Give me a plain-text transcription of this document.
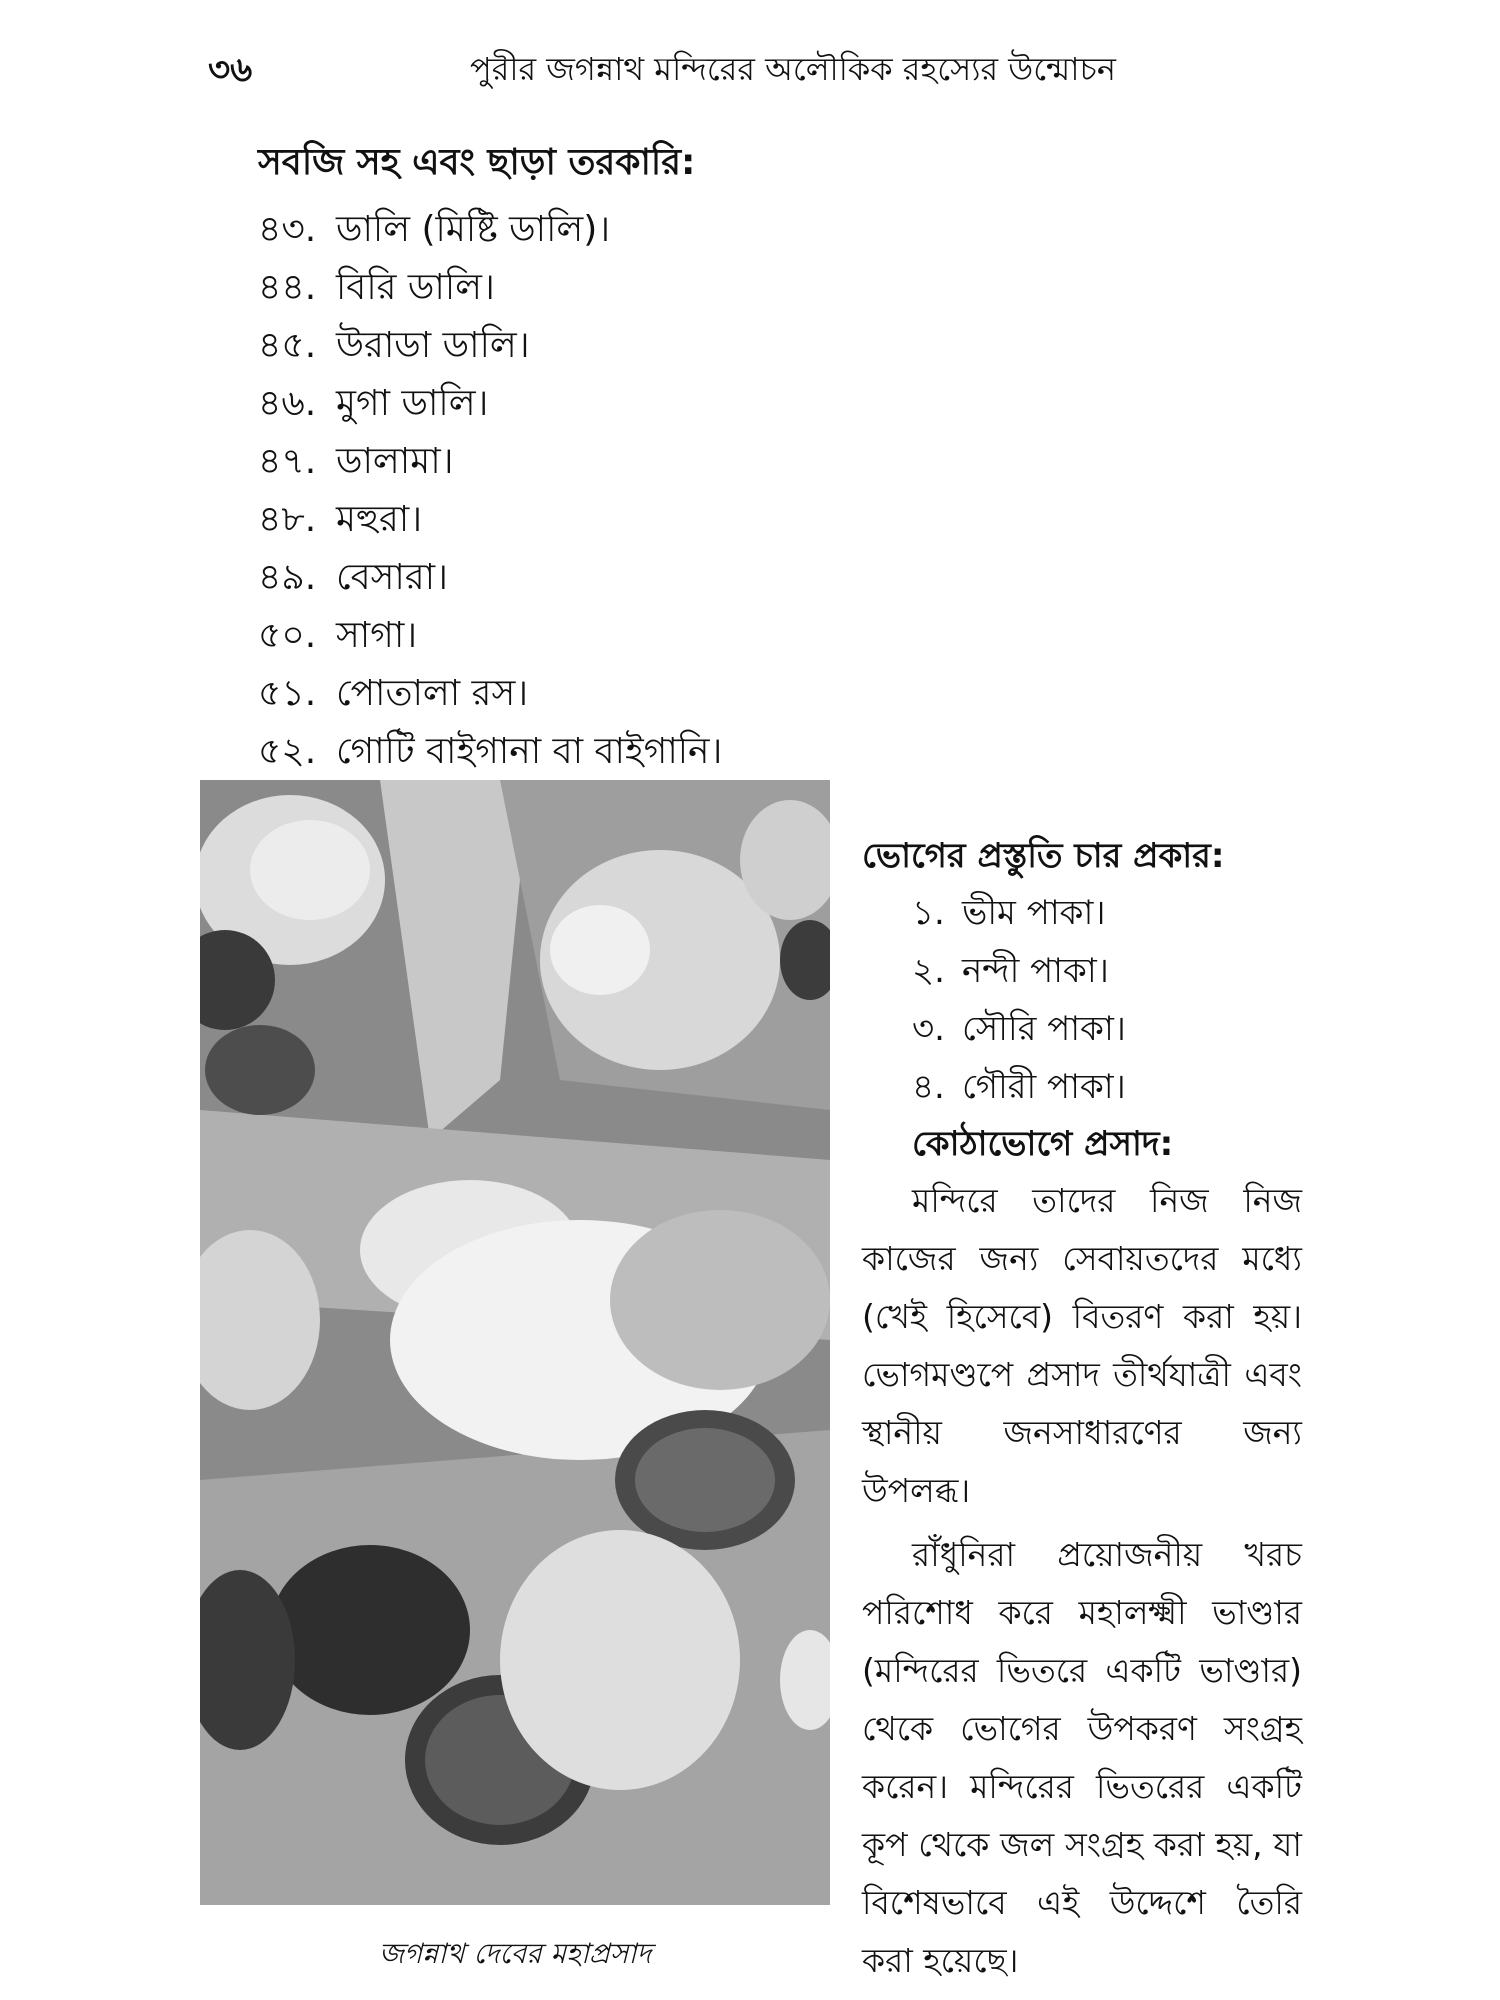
৩৬	পুরীর জগন্নাথ মন্দিরের অলৌকিক রহস্যের উন্মোচন
সবজি সহ এবং ছাড়া তরকারি:
৪৩. ডালি (মিষ্টি ডালি)।
৪৪. বিরি ডালি।
৪৫. উরাডা ডালি।
৪৬. মুগা ডালি।
৪৭. ডালামা।
৪৮. মহুরা।
৪৯. বেসারা।
৫০. সাগা।
৫১. পোতালা রস।
৫২. গোটি বাইগানা বা বাইগানি।
জগন্নাথ দেবের মহাপ্রসাদ
ভোগের প্রস্তুতি চার প্রকার:
১. ভীম পাকা।
২. নন্দী পাকা।
৩. সৌরি পাকা।
৪. গৌরী পাকা।
কোঠাভোগে প্রসাদ:

মন্দিরে তাদের নিজ নিজ কাজের জন্য সেবায়তদের মধ্যে (খেই হিসেবে) বিতরণ করা হয়। ভোগমণ্ডপে প্রসাদ তীর্থযাত্রী এবং স্থানীয় জনসাধারণের জন্য উপলব্ধ।

রাঁধুনিরা প্রয়োজনীয় খরচ পরিশোধ করে মহালক্ষ্মী ভাণ্ডার (মন্দিরের ভিতরে একটি ভাণ্ডার) থেকে ভোগের উপকরণ সংগ্রহ করেন। মন্দিরের ভিতরের একটি কূপ থেকে জল সংগ্রহ করা হয়, যা বিশেষভাবে এই উদ্দেশে তৈরি করা হয়েছে।
